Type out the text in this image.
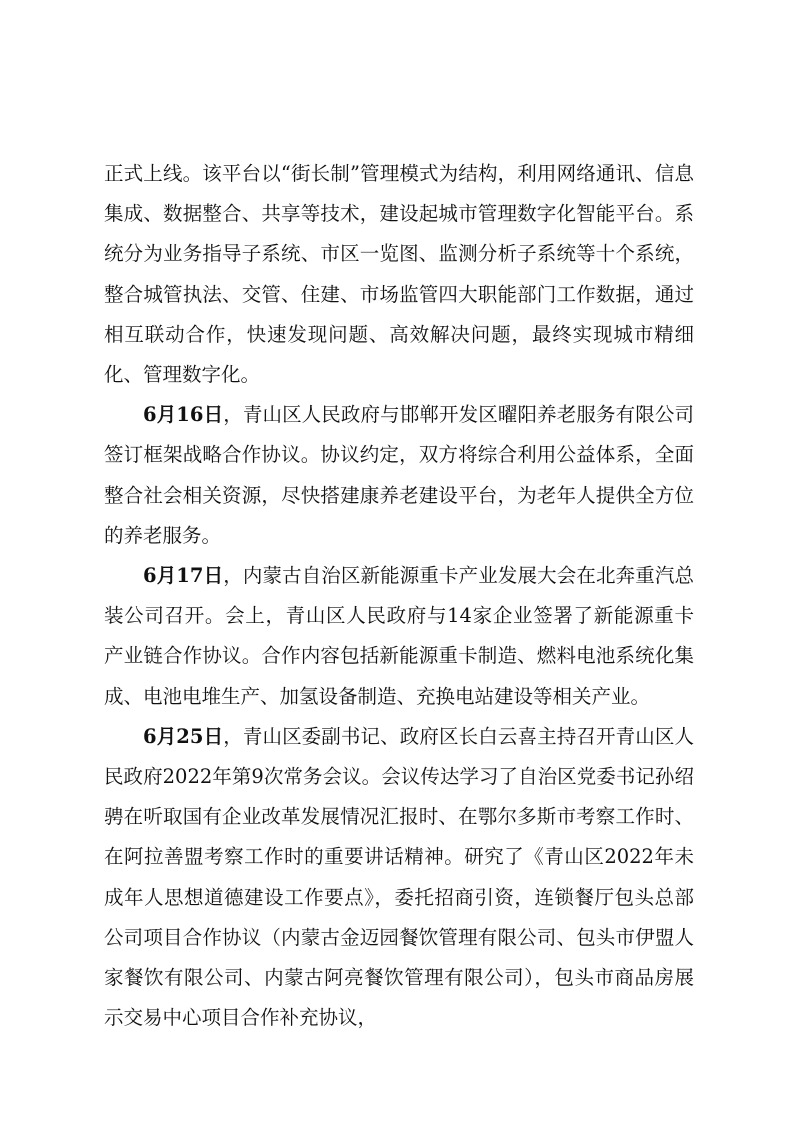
正式上线。该平台以“街长制”管理模式为结构，利用网络通讯、信息集成、数据整合、共享等技术，建设起城市管理数字化智能平台。系统分为业务指导子系统、市区一览图、监测分析子系统等十个系统，整合城管执法、交管、住建、市场监管四大职能部门工作数据，通过相互联动合作，快速发现问题、高效解决问题，最终实现城市精细化、管理数字化。

6月16日，青山区人民政府与邯郸开发区曜阳养老服务有限公司签订框架战略合作协议。协议约定，双方将综合利用公益体系，全面整合社会相关资源，尽快搭建康养老建设平台，为老年人提供全方位的养老服务。

6月17日，内蒙古自治区新能源重卡产业发展大会在北奔重汽总装公司召开。会上，青山区人民政府与14家企业签署了新能源重卡产业链合作协议。合作内容包括新能源重卡制造、燃料电池系统化集成、电池电堆生产、加氢设备制造、充换电站建设等相关产业。

6月25日，青山区委副书记、政府区长白云喜主持召开青山区人民政府2022年第9次常务会议。会议传达学习了自治区党委书记孙绍骋在听取国有企业改革发展情况汇报时、在鄂尔多斯市考察工作时、在阿拉善盟考察工作时的重要讲话精神。研究了《青山区2022年未成年人思想道德建设工作要点》，委托招商引资，连锁餐厅包头总部公司项目合作协议（内蒙古金迈园餐饮管理有限公司、包头市伊盟人家餐饮有限公司、内蒙古阿亮餐饮管理有限公司），包头市商品房展示交易中心项目合作补充协议，
